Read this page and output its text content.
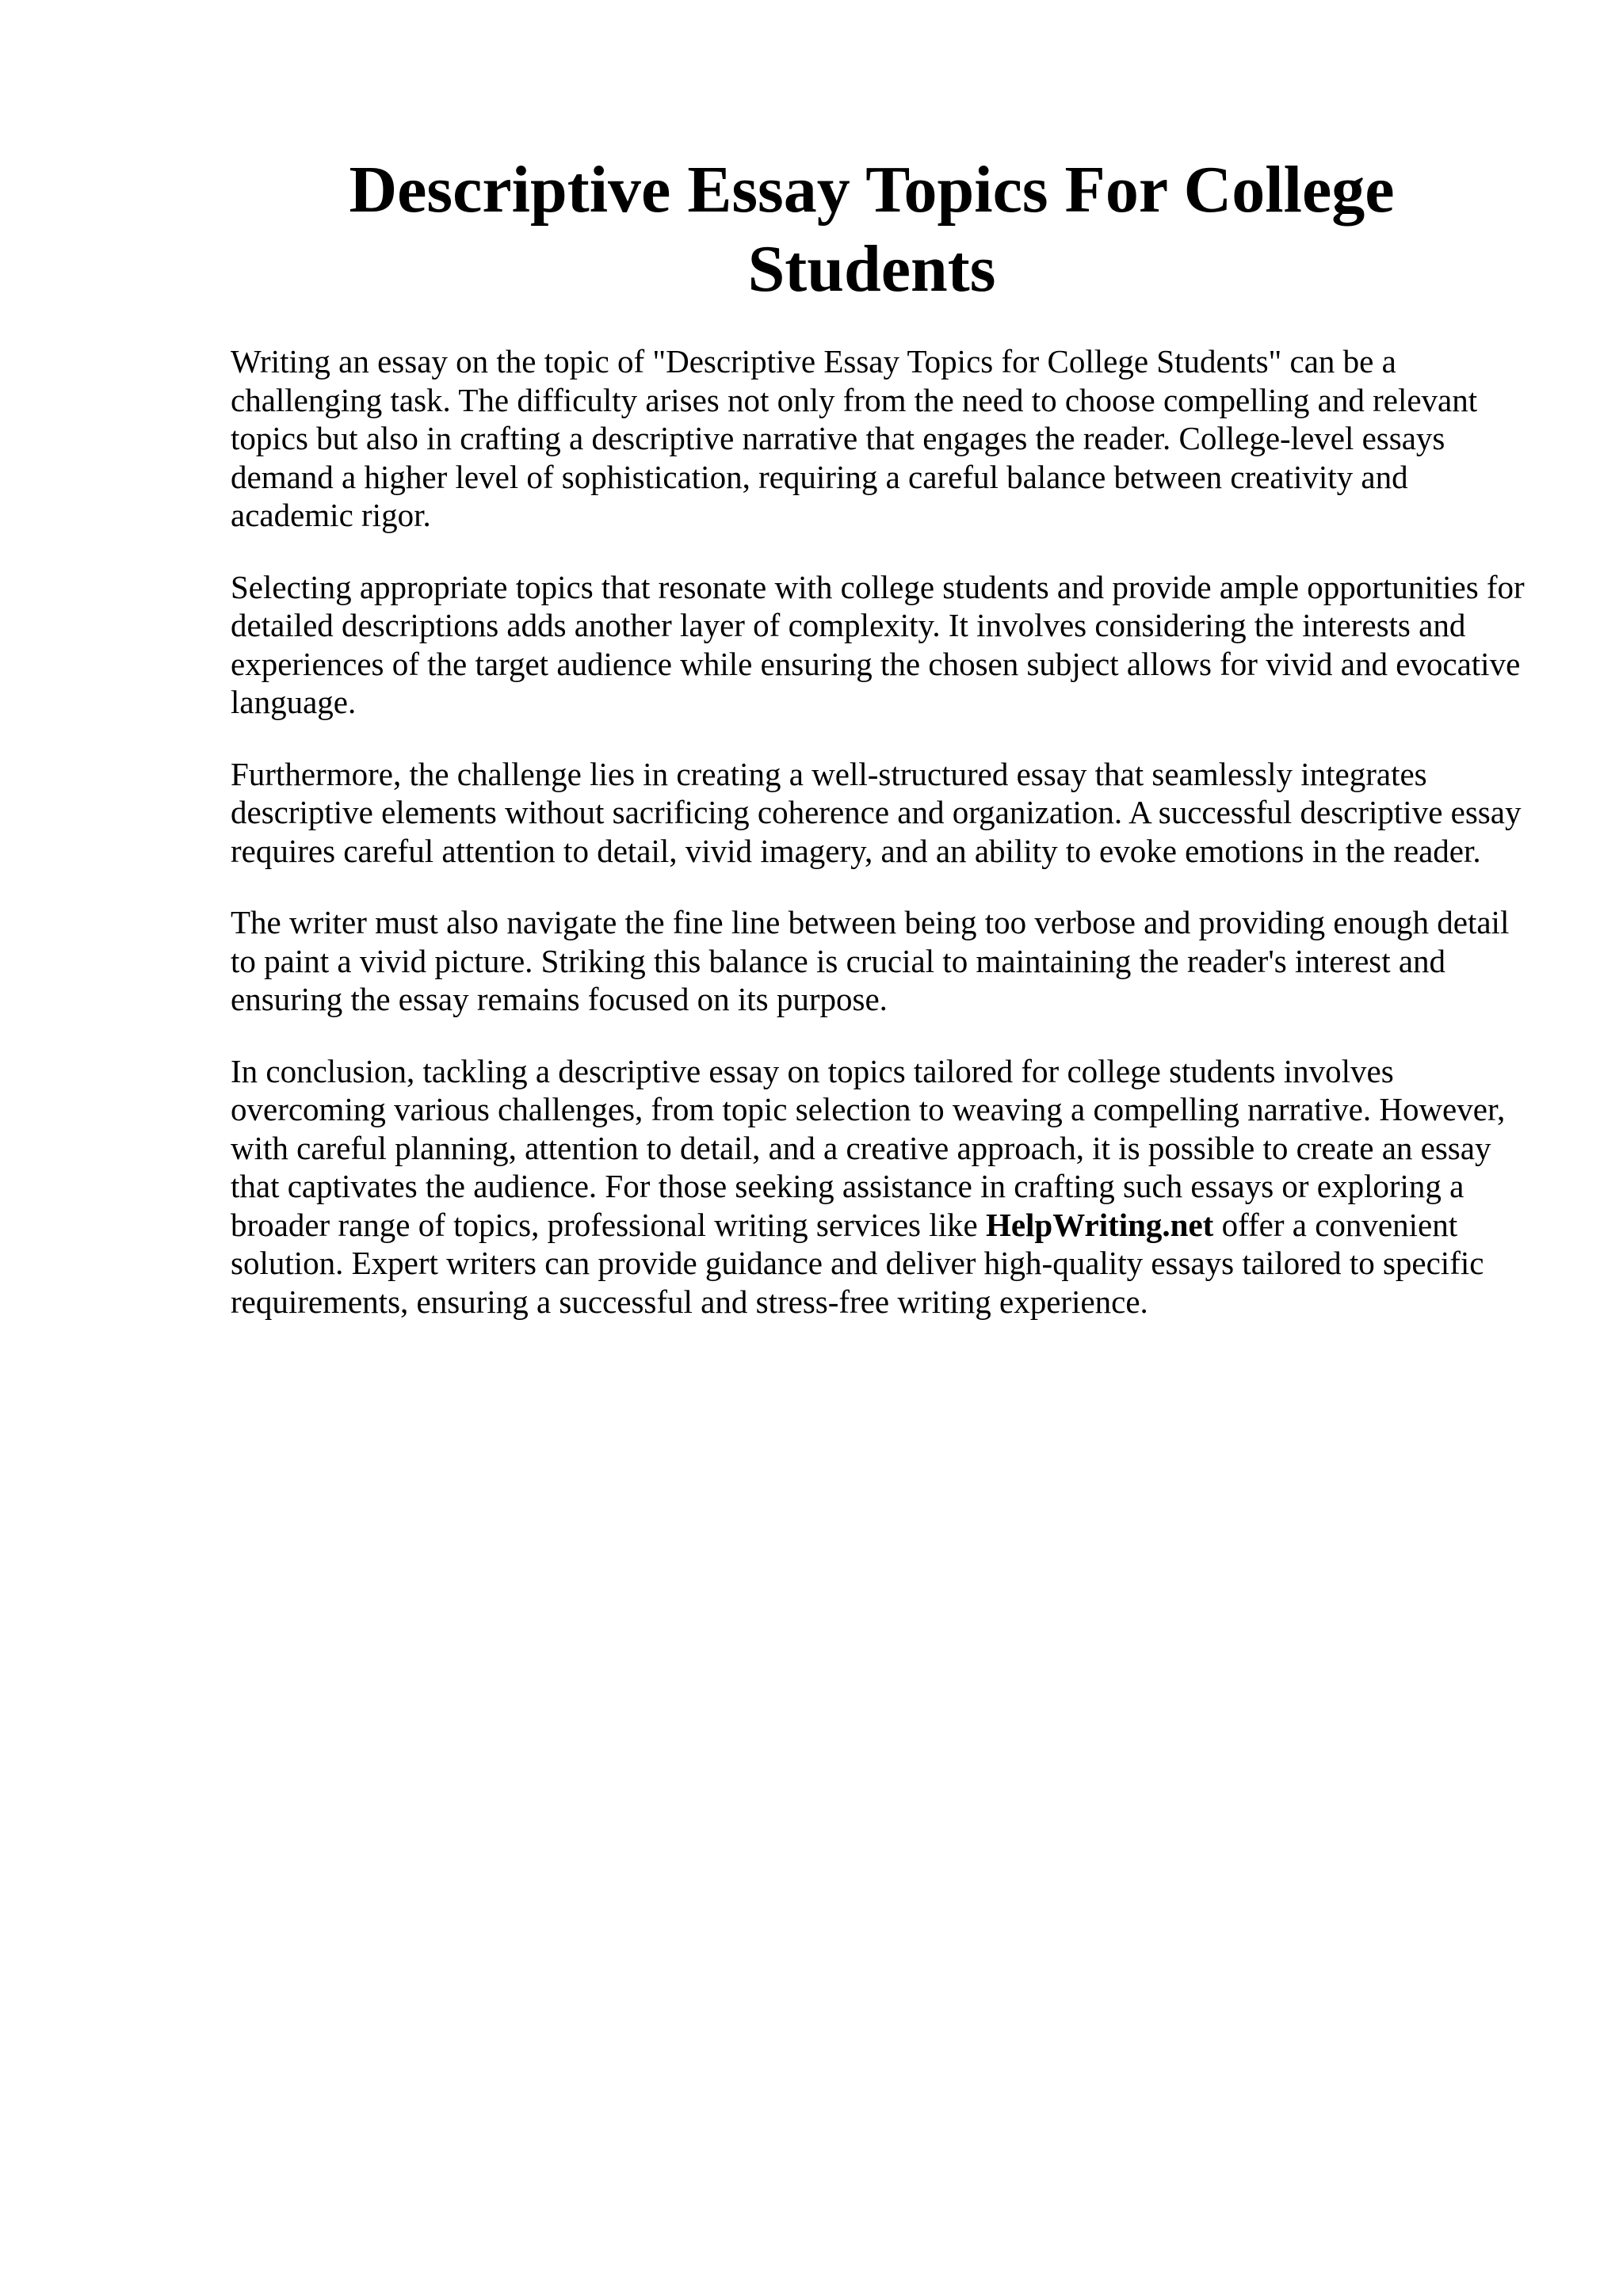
Descriptive Essay Topics For College Students

Writing an essay on the topic of "Descriptive Essay Topics for College Students" can be a challenging task. The difficulty arises not only from the need to choose compelling and relevant topics but also in crafting a descriptive narrative that engages the reader. College-level essays demand a higher level of sophistication, requiring a careful balance between creativity and academic rigor.

Selecting appropriate topics that resonate with college students and provide ample opportunities for detailed descriptions adds another layer of complexity. It involves considering the interests and experiences of the target audience while ensuring the chosen subject allows for vivid and evocative language.

Furthermore, the challenge lies in creating a well-structured essay that seamlessly integrates descriptive elements without sacrificing coherence and organization. A successful descriptive essay requires careful attention to detail, vivid imagery, and an ability to evoke emotions in the reader.

The writer must also navigate the fine line between being too verbose and providing enough detail to paint a vivid picture. Striking this balance is crucial to maintaining the reader's interest and ensuring the essay remains focused on its purpose.

In conclusion, tackling a descriptive essay on topics tailored for college students involves overcoming various challenges, from topic selection to weaving a compelling narrative. However, with careful planning, attention to detail, and a creative approach, it is possible to create an essay that captivates the audience. For those seeking assistance in crafting such essays or exploring a broader range of topics, professional writing services like HelpWriting.net offer a convenient solution. Expert writers can provide guidance and deliver high-quality essays tailored to specific requirements, ensuring a successful and stress-free writing experience.
